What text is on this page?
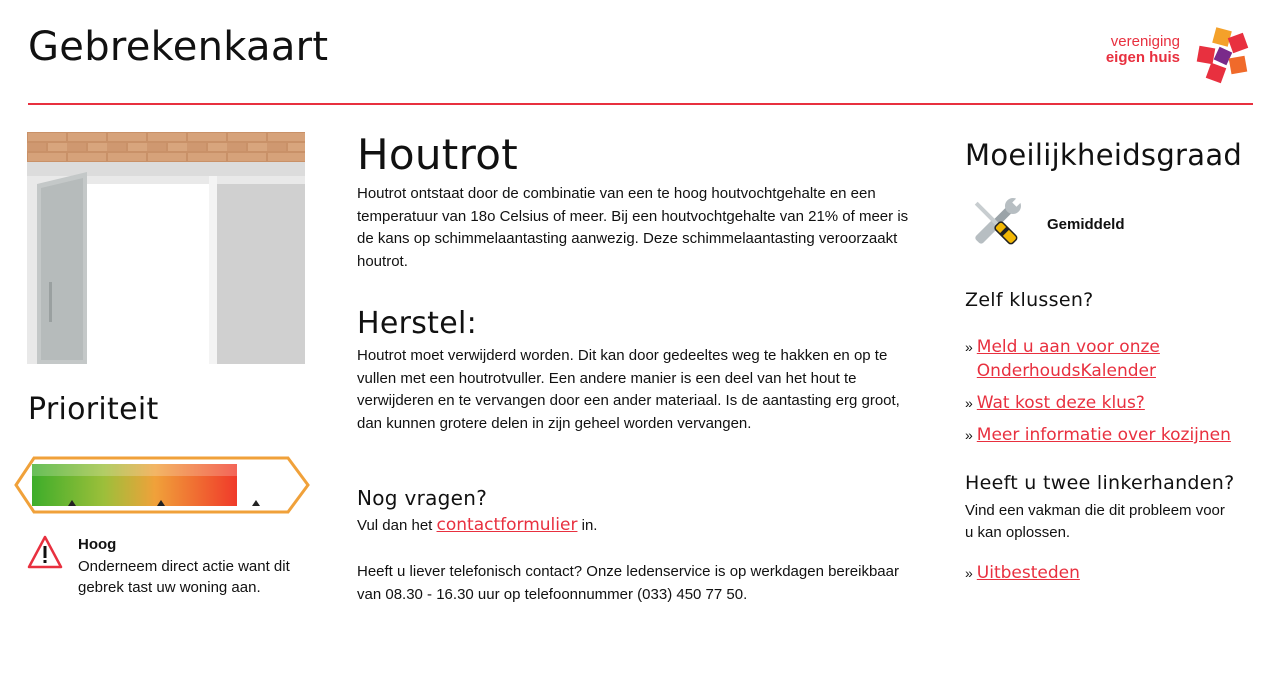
Gebrekenkaart	vereniging
eigen huis
Prioriteit
Hoog
Onderneem direct actie want dit gebrek tast uw woning aan.
Houtrot

Houtrot ontstaat door de combinatie van een te hoog houtvochtgehalte en een temperatuur van 18o Celsius of meer. Bij een houtvochtgehalte van 21% of meer is de kans op schimmelaantasting aanwezig. Deze schimmelaantasting veroorzaakt houtrot.

Herstel:

Houtrot moet verwijderd worden. Dit kan door gedeeltes weg te hakken en op te vullen met een houtrotvuller. Een andere manier is een deel van het hout te verwijderen en te vervangen door een ander materiaal. Is de aantasting erg groot, dan kunnen grotere delen in zijn geheel worden vervangen.

Nog vragen?

Vul dan het contactformulier in.

Heeft u liever telefonisch contact? Onze ledenservice is op werkdagen bereikbaar van 08.30 - 16.30 uur op telefoonnummer (033) 450 77 50.

Moeilijkheidsgraad
Gemiddeld
Zelf klussen?
» Meld u aan voor onze OnderhoudsKalender
» Wat kost deze klus?
» Meer informatie over kozijnen
Heeft u twee linkerhanden?

Vind een vakman die dit probleem voor u kan oplossen.

» Uitbesteden
